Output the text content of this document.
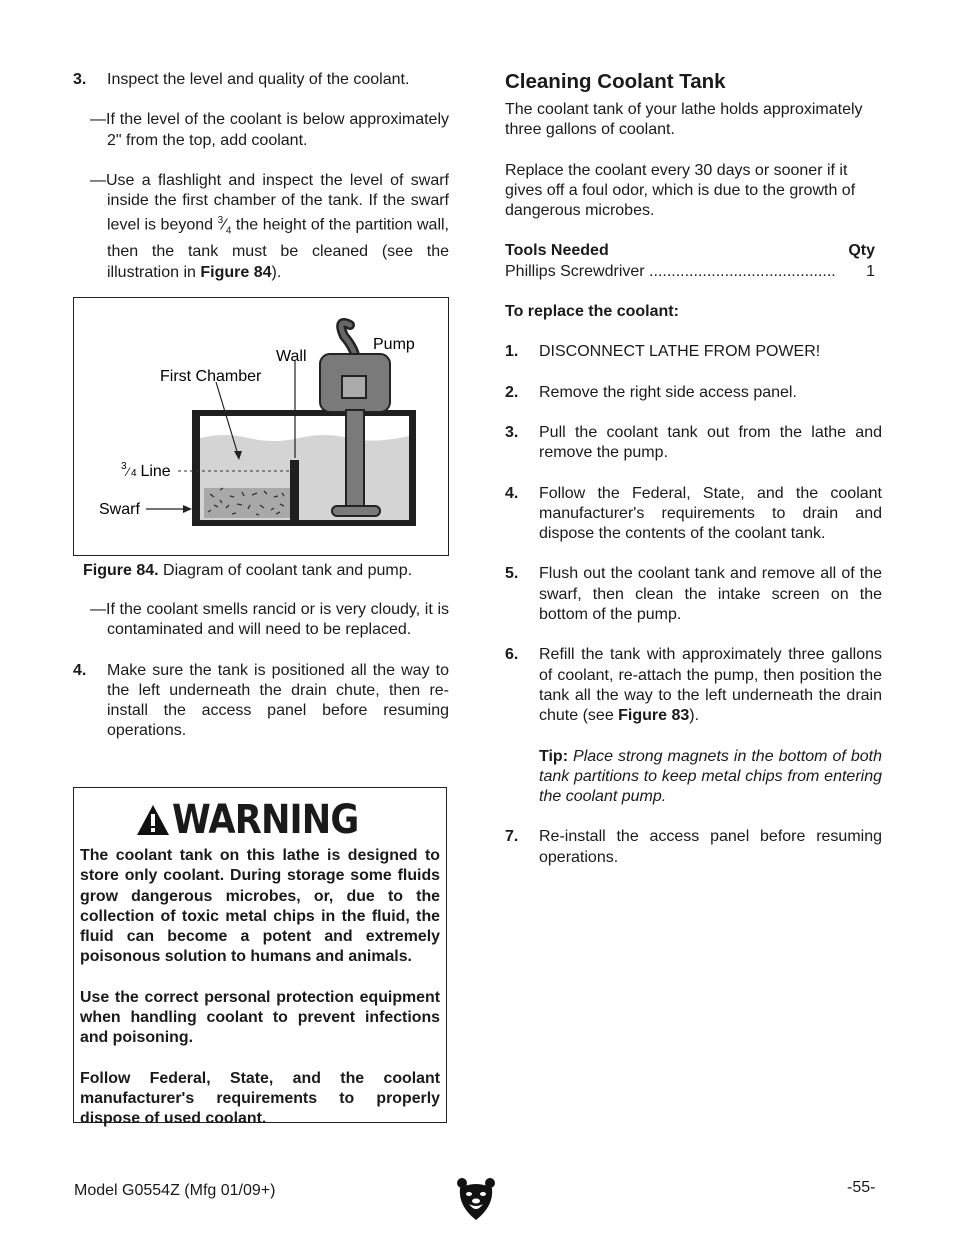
3.	Inspect the level and quality of the coolant.
—If the level of the coolant is below approximately 2" from the top, add coolant.
—Use a flashlight and inspect the level of swarf inside the first chamber of the tank. If the swarf level is beyond $^3⁄_4$ the height of the partition wall, then the tank must be cleaned (see the illustration in Figure 84).
Pump
Wall
First Chamber
3 ⁄ 4 Line
Swarf
Figure 84. Diagram of coolant tank and pump.
—If the coolant smells rancid or is very cloudy, it is contaminated and will need to be replaced.
4.	Make sure the tank is positioned all the way to the left underneath the drain chute, then re-install the access panel before resuming operations.
WARNING
The coolant tank on this lathe is designed to store only coolant. During storage some fluids grow dangerous microbes, or, due to the collection of toxic metal chips in the fluid, the fluid can become a potent and extremely poisonous solution to humans and animals.
Use the correct personal protection equipment when handling coolant to prevent infections and poisoning.
Follow Federal, State, and the coolant manufacturer's requirements to properly dispose of used coolant.
Cleaning Coolant Tank
The coolant tank of your lathe holds approximately three gallons of coolant.
Replace the coolant every 30 days or sooner if it gives off a foul odor, which is due to the growth of dangerous microbes.
Tools Needed	Qty
Phillips Screwdriver ..........................................	1
To replace the coolant:
1.	DISCONNECT LATHE FROM POWER!
2.	Remove the right side access panel.
3.	Pull the coolant tank out from the lathe and remove the pump.
4.	Follow the Federal, State, and the coolant manufacturer's requirements to drain and dispose the contents of the coolant tank.
5.	Flush out the coolant tank and remove all of the swarf, then clean the intake screen on the bottom of the pump.
6.	Refill the tank with approximately three gallons of coolant, re-attach the pump, then position the tank all the way to the left underneath the drain chute (see Figure 83).
Tip: Place strong magnets in the bottom of both tank partitions to keep metal chips from entering the coolant pump.
7.	Re-install the access panel before resuming operations.
Model G0554Z (Mfg 01/09+)	-55-
